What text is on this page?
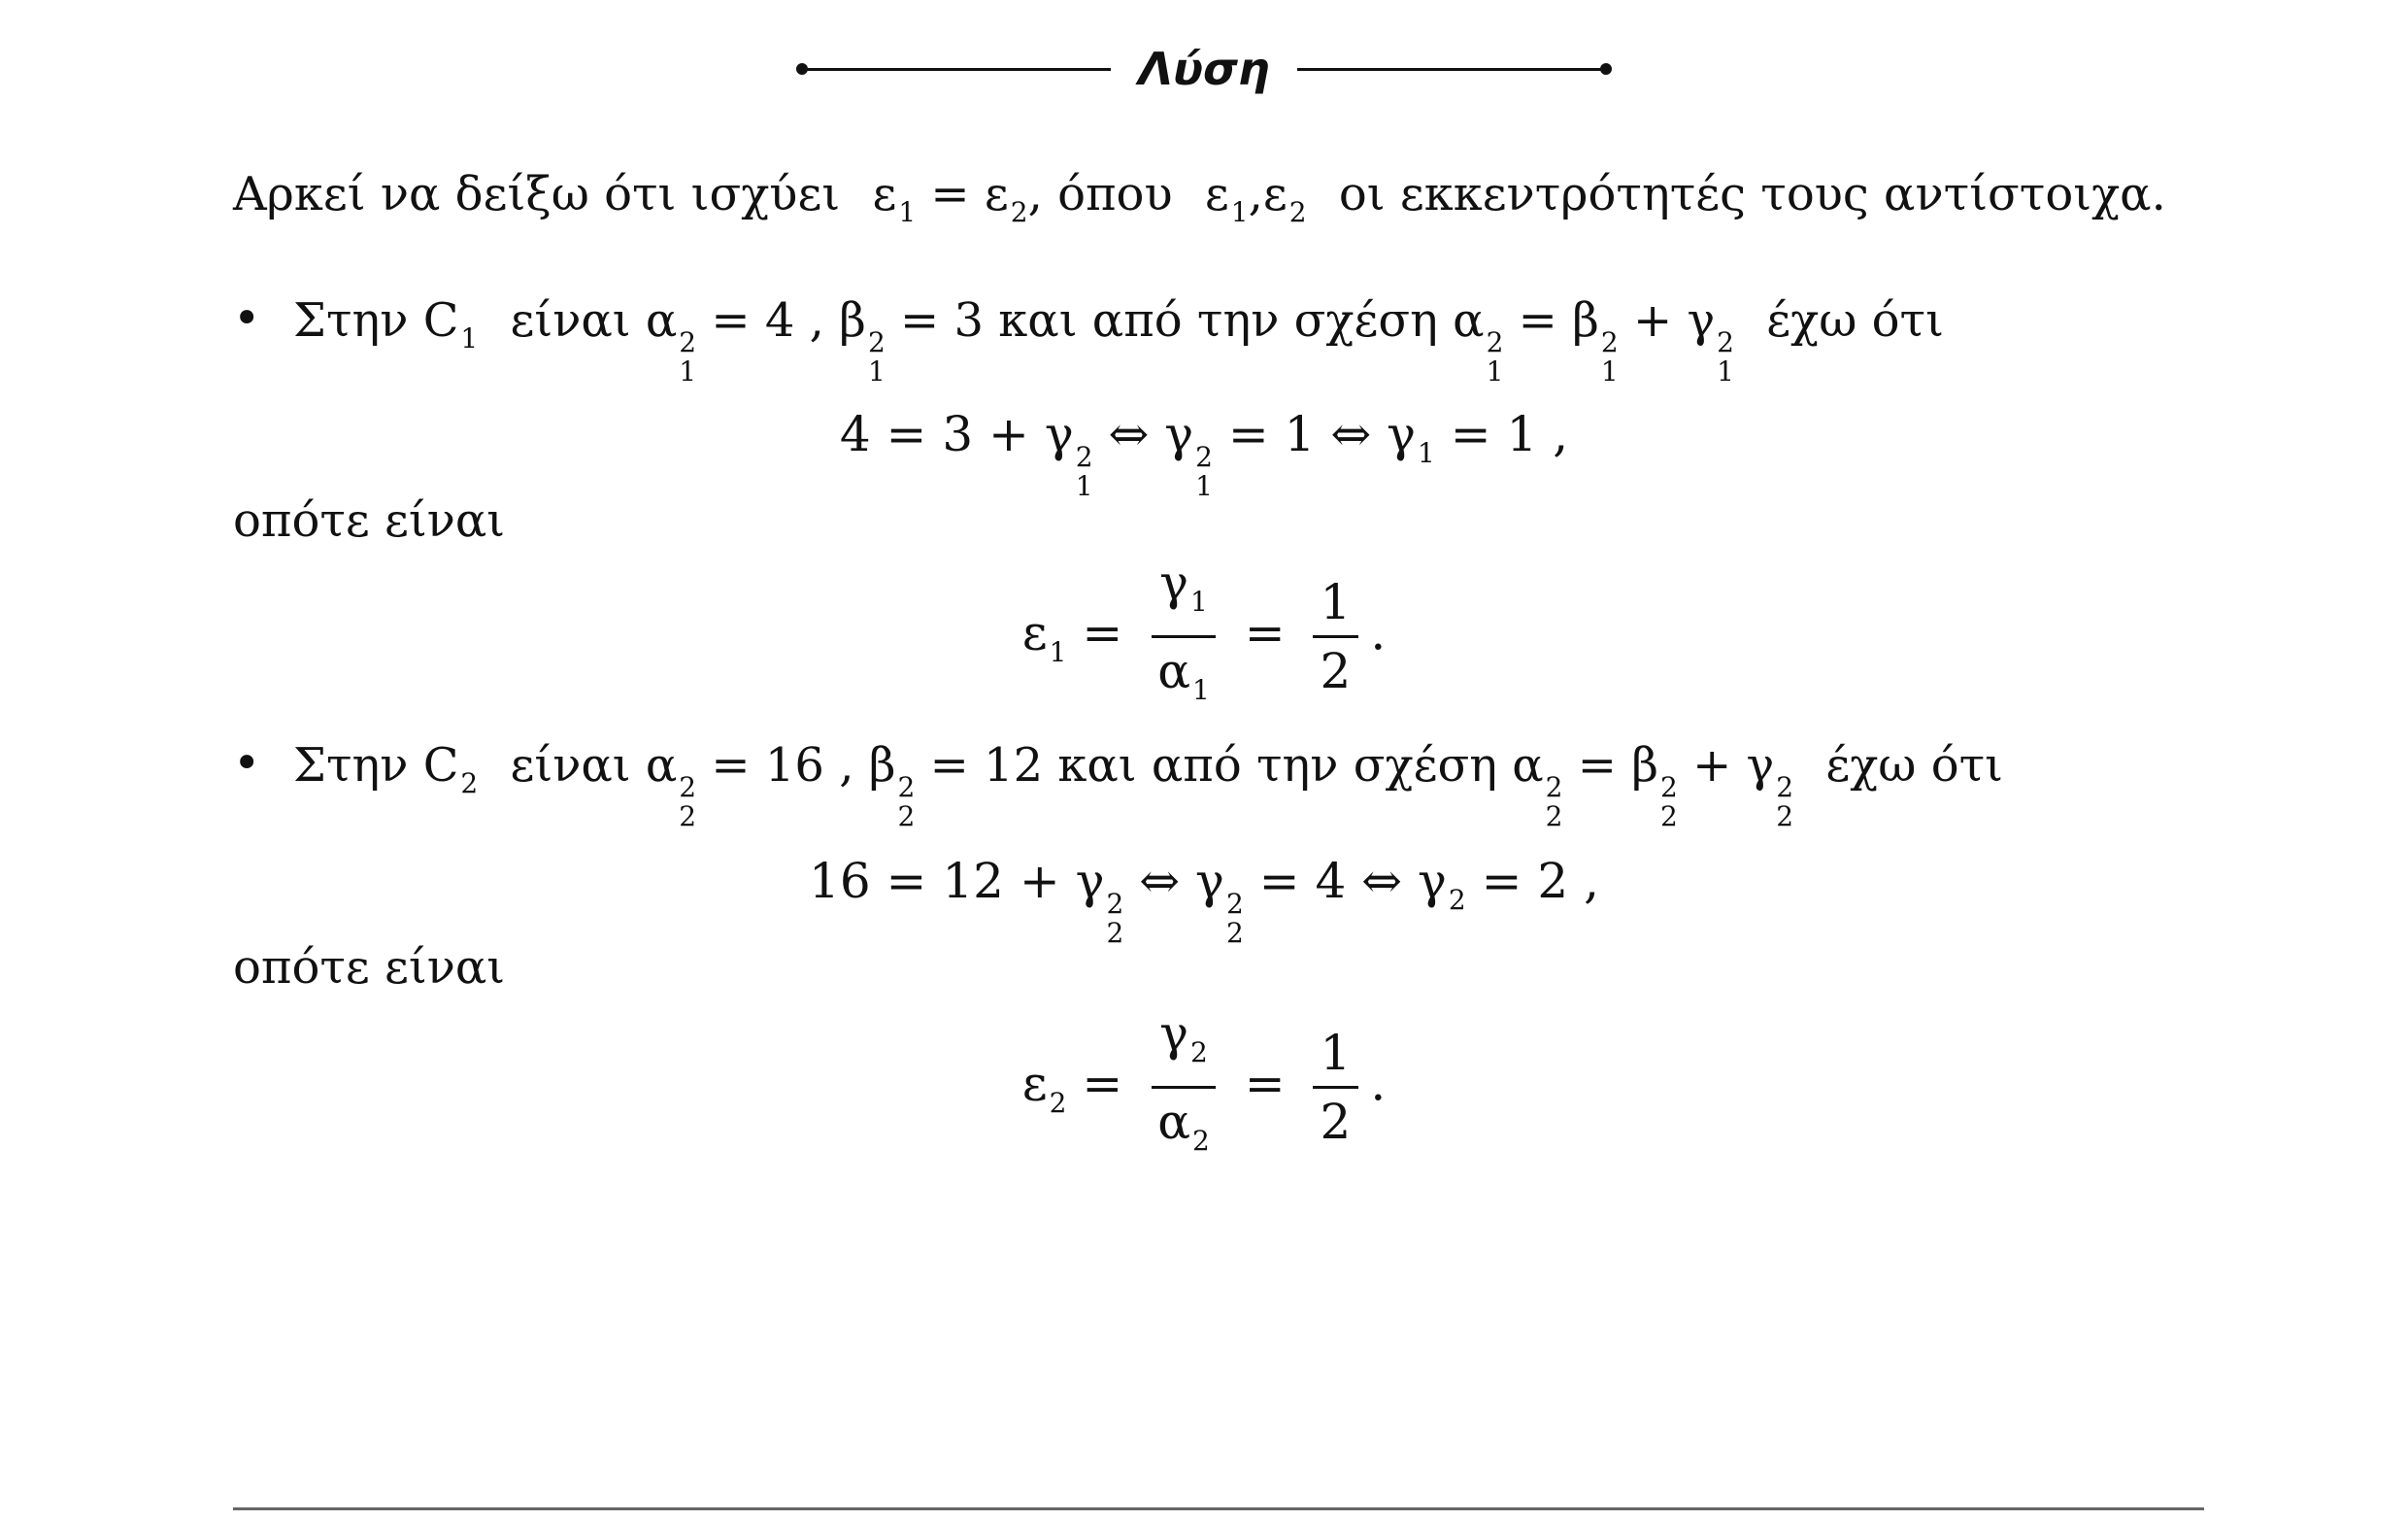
Λύση
Αρκεί να δείξω ότι ισχύει $\varepsilon_1 = \varepsilon_2$, όπου $\varepsilon_1,\varepsilon_2$ οι εκκεντρότητές τους αντίστοιχα.
• Στην $C_1$ είναι α 2
1
= 4 , β 2
1
= 3 και από την σχέση α 2
1
= β 2
1
+ γ 2
1
έχω ότι
4 = 3 + γ 2
1
⇔ γ 2
1
= 1 ⇔ $\gamma_1 = 1$ ,
οπότε είναι
$\varepsilon_1 = \frac{\gamma_1}{\alpha_1} = \frac{1}{2}$ .
• Στην $C_2$ είναι α 2
2
= 16 , β 2
2
= 12 και από την σχέση α 2
2
= β 2
2
+ γ 2
2
έχω ότι
16 = 12 + γ 2
2
⇔ γ 2
2
= 4 ⇔ $\gamma_2 = 2$ ,
οπότε είναι
$\varepsilon_2 = \frac{\gamma_2}{\alpha_2} = \frac{1}{2}$ .
